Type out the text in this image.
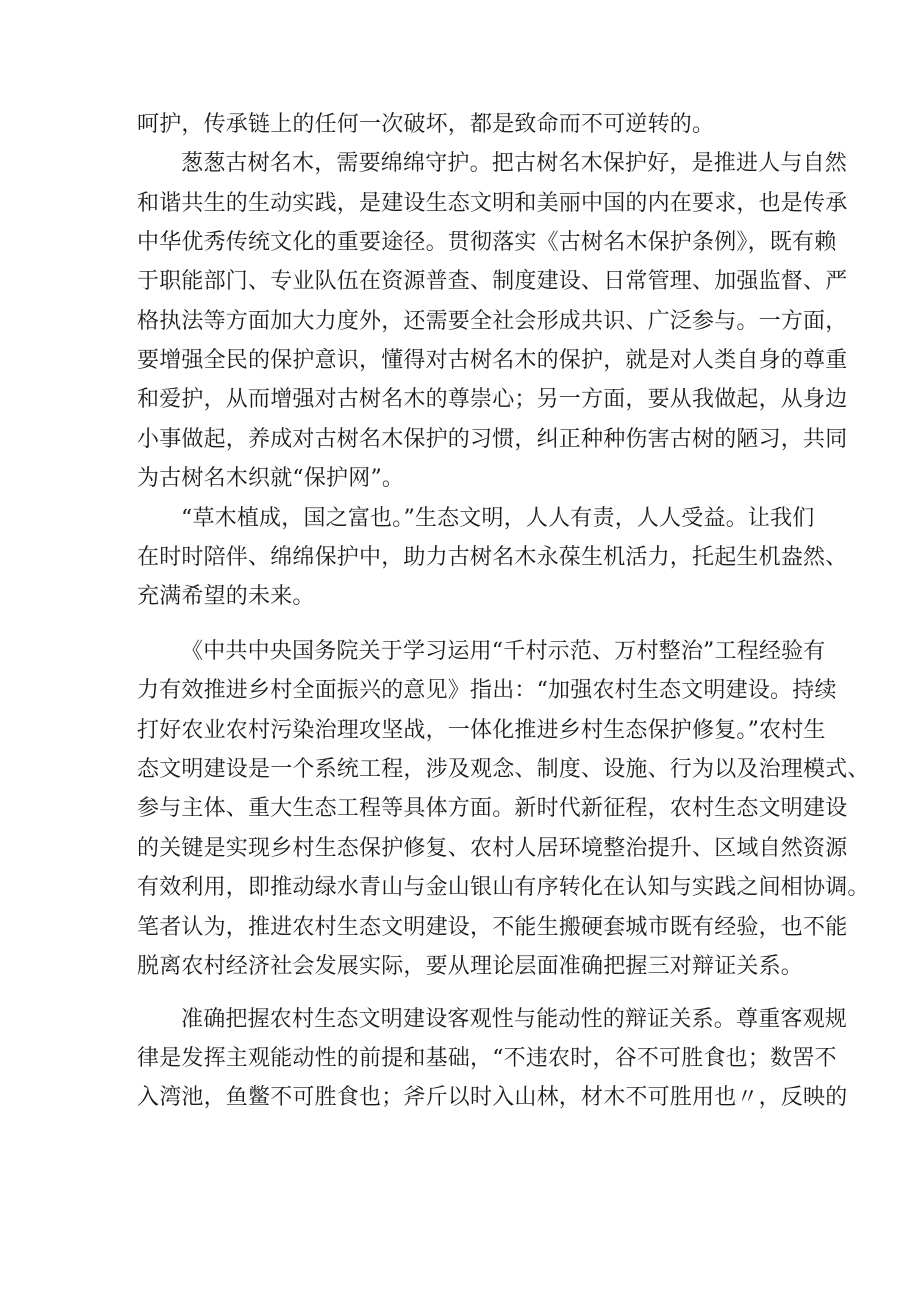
呵护，传承链上的任何一次破坏，都是致命而不可逆转的。
葱葱古树名木，需要绵绵守护。把古树名木保护好，是推进人与自然
和谐共生的生动实践，是建设生态文明和美丽中国的内在要求，也是传承
中华优秀传统文化的重要途径。贯彻落实《古树名木保护条例》，既有赖
于职能部门、专业队伍在资源普查、制度建设、日常管理、加强监督、严
格执法等方面加大力度外，还需要全社会形成共识、广泛参与。一方面，
要增强全民的保护意识，懂得对古树名木的保护，就是对人类自身的尊重
和爱护，从而增强对古树名木的尊崇心；另一方面，要从我做起，从身边
小事做起，养成对古树名木保护的习惯，纠正种种伤害古树的陋习，共同
为古树名木织就“保护网”。
“草木植成，国之富也。”生态文明，人人有责，人人受益。让我们
在时时陪伴、绵绵保护中，助力古树名木永葆生机活力，托起生机盎然、
充满希望的未来。
《中共中央国务院关于学习运用“千村示范、万村整治”工程经验有
力有效推进乡村全面振兴的意见》指出：“加强农村生态文明建设。持续
打好农业农村污染治理攻坚战，一体化推进乡村生态保护修复。”农村生
态文明建设是一个系统工程，涉及观念、制度、设施、行为以及治理模式、
参与主体、重大生态工程等具体方面。新时代新征程，农村生态文明建设
的关键是实现乡村生态保护修复、农村人居环境整治提升、区域自然资源
有效利用，即推动绿水青山与金山银山有序转化在认知与实践之间相协调。
笔者认为，推进农村生态文明建设，不能生搬硬套城市既有经验，也不能
脱离农村经济社会发展实际，要从理论层面准确把握三对辩证关系。
准确把握农村生态文明建设客观性与能动性的辩证关系。尊重客观规
律是发挥主观能动性的前提和基础，“不违农时，谷不可胜食也；数罟不
入湾池，鱼鳖不可胜食也；斧斤以时入山林，材木不可胜用也〃，反映的
